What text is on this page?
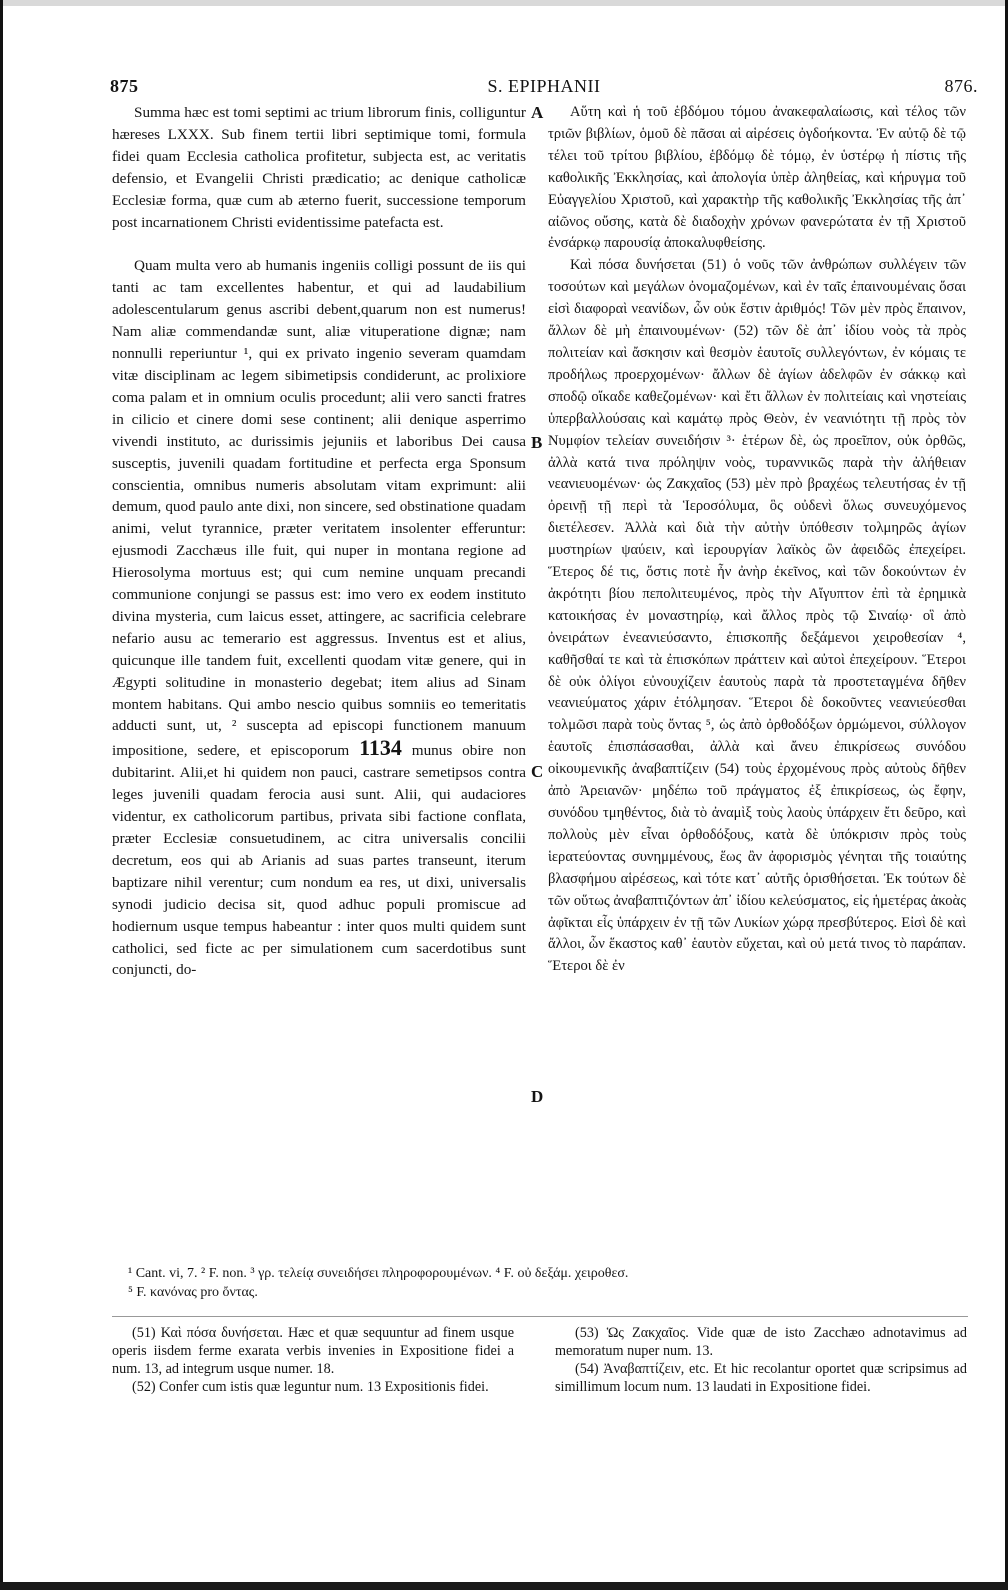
875	S. EPIPHANII	876.

Summa hæc est tomi septimi ac trium librorum finis, colliguntur hæreses LXXX. Sub finem tertii libri septimique tomi, formula fidei quam Ecclesia catholica profitetur, subjecta est, ac veritatis defensio, et Evangelii Christi prædicatio; ac denique catholicæ Ecclesiæ forma, quæ cum ab æterno fuerit, successione temporum post incarnationem Christi evidentissime patefacta est.

Quam multa vero ab humanis ingeniis colligi possunt de iis qui tanti ac tam excellentes habentur, et qui ad laudabilium adolescentularum genus ascribi debent,quarum non est numerus! Nam aliæ commendandæ sunt, aliæ vituperatione dignæ; nam nonnulli reperiuntur ¹, qui ex privato ingenio severam quamdam vitæ disciplinam ac legem sibimetipsis condiderunt, ac prolixiore coma palam et in omnium oculis procedunt; alii vero sancti fratres in cilicio et cinere domi sese continent; alii denique asperrimo vivendi instituto, ac durissimis jejuniis et laboribus Dei causa susceptis, juvenili quadam fortitudine et perfecta erga Sponsum conscientia, omnibus numeris absolutam vitam exprimunt: alii demum, quod paulo ante dixi, non sincere, sed obstinatione quadam animi, velut tyrannice, præter veritatem insolenter efferuntur: ejusmodi Zacchæus ille fuit, qui nuper in montana regione ad Hierosolyma mortuus est; qui cum nemine unquam precandi communione conjungi se passus est: imo vero ex eodem instituto divina mysteria, cum laicus esset, attingere, ac sacrificia celebrare nefario ausu ac temerario est aggressus. Inventus est et alius, quicunque ille tandem fuit, excellenti quodam vitæ genere, qui in Ægypti solitudine in monasterio degebat; item alius ad Sinam montem habitans. Qui ambo nescio quibus somniis eo temeritatis adducti sunt, ut, ² suscepta ad episcopi functionem manuum impositione, sedere, et episcoporum 1134 munus obire non dubitarint. Alii,et hi quidem non pauci, castrare semetipsos contra leges juvenili quadam ferocia ausi sunt. Alii, qui audaciores videntur, ex catholicorum partibus, privata sibi factione conflata, præter Ecclesiæ consuetudinem, ac citra universalis concilii decretum, eos qui ab Arianis ad suas partes transeunt, iterum baptizare nihil verentur; cum nondum ea res, ut dixi, universalis synodi judicio decisa sit, quod adhuc populi promiscue ad hodiernum usque tempus habeantur : inter quos multi quidem sunt catholici, sed ficte ac per simulationem cum sacerdotibus sunt conjuncti, do-

A
B
C
D

Αὕτη καὶ ἡ τοῦ ἑβδόμου τόμου ἀνακεφαλαίωσις, καὶ τέλος τῶν τριῶν βιβλίων, ὁμοῦ δὲ πᾶσαι αἱ αἱρέσεις ὀγδοήκοντα. Ἐν αὐτῷ δὲ τῷ τέλει τοῦ τρίτου βιβλίου, ἑβδόμῳ δὲ τόμῳ, ἐν ὑστέρῳ ἡ πίστις τῆς καθολικῆς Ἐκκλησίας, καὶ ἀπολογία ὑπὲρ ἀληθείας, καὶ κήρυγμα τοῦ Εὐαγγελίου Χριστοῦ, καὶ χαρακτὴρ τῆς καθολικῆς Ἐκκλησίας τῆς ἀπ᾽ αἰῶνος οὔσης, κατὰ δὲ διαδοχὴν χρόνων φανερώτατα ἐν τῇ Χριστοῦ ἐνσάρκῳ παρουσίᾳ ἀποκαλυφθείσης.

Καὶ πόσα δυνήσεται (51) ὁ νοῦς τῶν ἀνθρώπων συλλέγειν τῶν τοσούτων καὶ μεγάλων ὀνομαζομένων, καὶ ἐν ταῖς ἐπαινουμέναις ὅσαι εἰσὶ διαφοραὶ νεανίδων, ὧν οὐκ ἔστιν ἀριθμός! Τῶν μὲν πρὸς ἔπαινον, ἄλλων δὲ μὴ ἐπαινουμένων· (52) τῶν δὲ ἀπ᾽ ἰδίου νοὸς τὰ πρὸς πολιτείαν καὶ ἄσκησιν καὶ θεσμὸν ἑαυτοῖς συλλεγόντων, ἐν κόμαις τε προδήλως προερχομένων· ἄλλων δὲ ἁγίων ἀδελφῶν ἐν σάκκῳ καὶ σποδῷ οἴκαδε καθεζομένων· καὶ ἔτι ἄλλων ἐν πολιτείαις καὶ νηστείαις ὑπερβαλλούσαις καὶ καμάτῳ πρὸς Θεὸν, ἐν νεανιότητι τῇ πρὸς τὸν Νυμφίον τελείαν συνειδήσιν ³· ἑτέρων δὲ, ὡς προεῖπον, οὐκ ὀρθῶς, ἀλλὰ κατά τινα πρόληψιν νοὸς, τυραννικῶς παρὰ τὴν ἀλήθειαν νεανιευομένων· ὡς Ζακχαῖος (53) μὲν πρὸ βραχέως τελευτήσας ἐν τῇ ὀρεινῇ τῇ περὶ τὰ Ἱεροσόλυμα, ὃς οὐδενὶ ὅλως συνευχόμενος διετέλεσεν. Ἀλλὰ καὶ διὰ τὴν αὐτὴν ὑπόθεσιν τολμηρῶς ἁγίων μυστηρίων ψαύειν, καὶ ἱερουργίαν λαϊκὸς ὢν ἀφειδῶς ἐπεχείρει. Ἕτερος δέ τις, ὅστις ποτὲ ἦν ἀνὴρ ἐκεῖνος, καὶ τῶν δοκούντων ἐν ἀκρότητι βίου πεπολιτευμένος, πρὸς τὴν Αἴγυπτον ἐπὶ τὰ ἐρημικὰ κατοικήσας ἐν μοναστηρίῳ, καὶ ἄλλος πρὸς τῷ Σιναίῳ· οἳ ἀπὸ ὀνειράτων ἐνεανιεύσαντο, ἐπισκοπῆς δεξάμενοι χειροθεσίαν ⁴, καθῆσθαί τε καὶ τὰ ἐπισκόπων πράττειν καὶ αὐτοὶ ἐπεχείρουν. Ἕτεροι δὲ οὐκ ὀλίγοι εὐνουχίζειν ἑαυτοὺς παρὰ τὰ προστεταγμένα δῆθεν νεανιεύματος χάριν ἐτόλμησαν. Ἕτεροι δὲ δοκοῦντες νεανιεύεσθαι τολμῶσι παρὰ τοὺς ὄντας ⁵, ὡς ἀπὸ ὀρθοδόξων ὁρμώμενοι, σύλλογον ἑαυτοῖς ἐπισπάσασθαι, ἀλλὰ καὶ ἄνευ ἐπικρίσεως συνόδου οἰκουμενικῆς ἀναβαπτίζειν (54) τοὺς ἐρχομένους πρὸς αὐτοὺς δῆθεν ἀπὸ Ἀρειανῶν· μηδέπω τοῦ πράγματος ἐξ ἐπικρίσεως, ὡς ἔφην, συνόδου τμηθέντος, διὰ τὸ ἀναμὶξ τοὺς λαοὺς ὑπάρχειν ἔτι δεῦρο, καὶ πολλοὺς μὲν εἶναι ὀρθοδόξους, κατὰ δὲ ὑπόκρισιν πρὸς τοὺς ἱερατεύοντας συνημμένους, ἕως ἂν ἀφορισμὸς γένηται τῆς τοιαύτης βλασφήμου αἱρέσεως, καὶ τότε κατ᾽ αὐτῆς ὁρισθήσεται. Ἐκ τούτων δὲ τῶν οὕτως ἀναβαπτιζόντων ἀπ᾽ ἰδίου κελεύσματος, εἰς ἡμετέρας ἀκοὰς ἀφῖκται εἷς ὑπάρχειν ἐν τῇ τῶν Λυκίων χώρᾳ πρεσβύτερος. Εἰσὶ δὲ καὶ ἄλλοι, ὧν ἕκαστος καθ᾽ ἑαυτὸν εὔχεται, καὶ οὐ μετά τινος τὸ παράπαν. Ἕτεροι δὲ ἐν

¹ Cant. vi, 7. ² F. non. ³ γρ. τελείᾳ συνειδήσει πληροφορουμένων. ⁴ F. οὐ δεξάμ. χειροθεσ.
⁵ F. κανόνας pro ὄντας.
(51) Καὶ πόσα δυνήσεται. Hæc et quæ sequuntur ad finem usque operis iisdem ferme exarata verbis invenies in Expositione fidei a num. 13, ad integrum usque numer. 18.
(52) Confer cum istis quæ leguntur num. 13 Expositionis fidei.
(53) Ὡς Ζακχαῖος. Vide quæ de isto Zacchæo adnotavimus ad memoratum nuper num. 13.
(54) Ἀναβαπτίζειν, etc. Et hic recolantur oportet quæ scripsimus ad simillimum locum num. 13 laudati in Expositione fidei.
